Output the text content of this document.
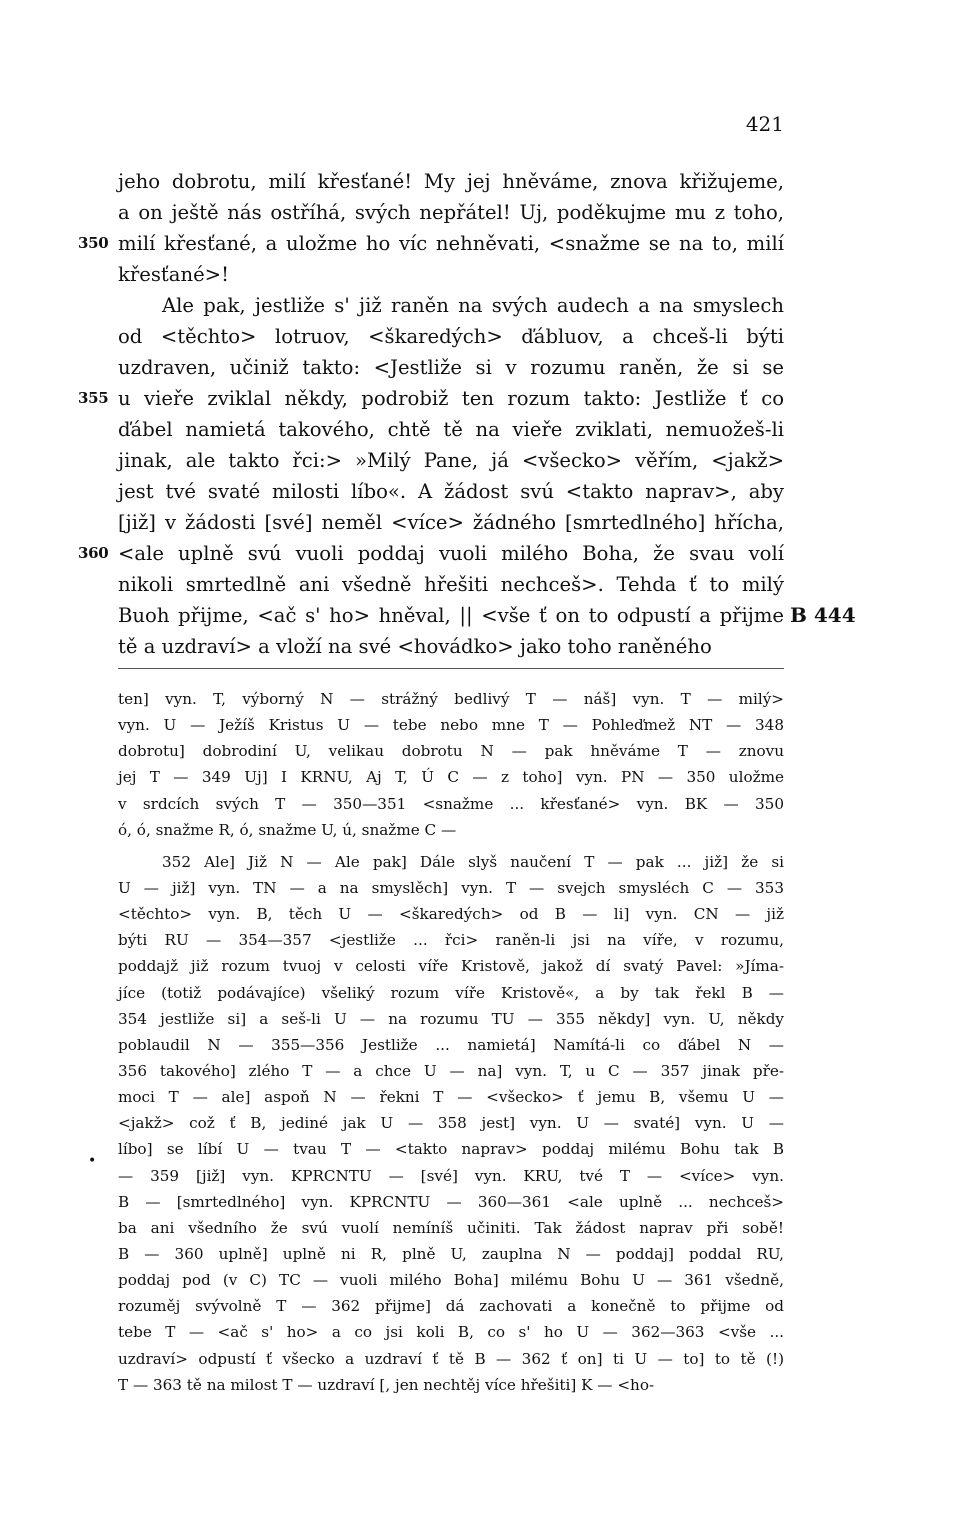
421
jeho dobrotu, milí křesťané! My jej hněváme, znova křižujeme,
a on ještě nás ostříhá, svých nepřátel! Uj, poděkujme mu z toho,
350 milí křesťané, a uložme ho víc nehněvati, <snažme se na to, milí
křesťané>!
Ale pak, jestliže s' již raněn na svých audech a na smyslech
od <těchto> lotruov, <škaredých> ďábluov, a chceš-li býti
uzdraven, učiniž takto: <Jestliže si v rozumu raněn, že si se
355 u vieře zviklal někdy, podrobiž ten rozum takto: Jestliže ť co
ďábel namietá takového, chtě tě na vieře zviklati, nemuožeš-li
jinak, ale takto řci:> »Milý Pane, já <všecko> věřím, <jakž>
jest tvé svaté milosti líbo«. A žádost svú <takto naprav>, aby
[již] v žádosti [své] neměl <více> žádného [smrtedlného] hřícha,
360 <ale uplně svú vuoli poddaj vuoli milého Boha, že svau volí
nikoli smrtedlně ani všedně hřešiti nechceš>. Tehda ť to milý
Buoh přijme, <ač s' ho> hněval, || <vše ť on to odpustí a přijme B 444
tě a uzdraví> a vloží na své <hovádko> jako toho raněného
ten] vyn. T, výborný N — strážný bedlivý T — náš] vyn. T — milý>
vyn. U — Ježíš Kristus U — tebe nebo mne T — Pohleďmež NT — 348
dobrotu] dobrodiní U, velikau dobrotu N — pak hněváme T — znovu
jej T — 349 Uj] I KRNU, Aj T, Ú C — z toho] vyn. PN — 350 uložme
v srdcích svých T — 350—351 <snažme ... křesťané> vyn. BK — 350
ó, ó, snažme R, ó, snažme U, ú, snažme C —
352 Ale] Již N — Ale pak] Dále slyš naučení T — pak ... již] že si
U — již] vyn. TN — a na smyslěch] vyn. T — svejch smysléch C — 353
<těchto> vyn. B, těch U — <škaredých> od B — li] vyn. CN — již
býti RU — 354—357 <jestliže ... řci> raněn-li jsi na víře, v rozumu,
poddajž již rozum tvuoj v celosti víře Kristově, jakož dí svatý Pavel: »Jíma-
jíce (totiž podávajíce) všeliký rozum víře Kristově«, a by tak řekl B —
354 jestliže si] a seš-li U — na rozumu TU — 355 někdy] vyn. U, někdy
poblaudil N — 355—356 Jestliže ... namietá] Namítá-li co ďábel N —
356 takového] zlého T — a chce U — na] vyn. T, u C — 357 jinak pře-
moci T — ale] aspoň N — řekni T — <všecko> ť jemu B, všemu U —
<jakž> což ť B, jediné jak U — 358 jest] vyn. U — svaté] vyn. U —
líbo] se líbí U — tvau T — <takto naprav> poddaj milému Bohu tak B
— 359 [již] vyn. KPRCNTU — [své] vyn. KRU, tvé T — <více> vyn.
B — [smrtedlného] vyn. KPRCNTU — 360—361 <ale uplně ... nechceš>
ba ani všedního že svú vuolí nemíníš učiniti. Tak žádost naprav při sobě!
B — 360 uplně] uplně ni R, plně U, zauplna N — poddaj] poddal RU,
poddaj pod (v C) TC — vuoli milého Boha] milému Bohu U — 361 všedně,
rozuměj svývolně T — 362 přijme] dá zachovati a konečně to přijme od
tebe T — <ač s' ho> a co jsi koli B, co s' ho U — 362—363 <vše ...
uzdraví> odpustí ť všecko a uzdraví ť tě B — 362 ť on] ti U — to] to tě (!)
T — 363 tě na milost T — uzdraví [, jen nechtěj více hřešiti] K — <ho-
•
